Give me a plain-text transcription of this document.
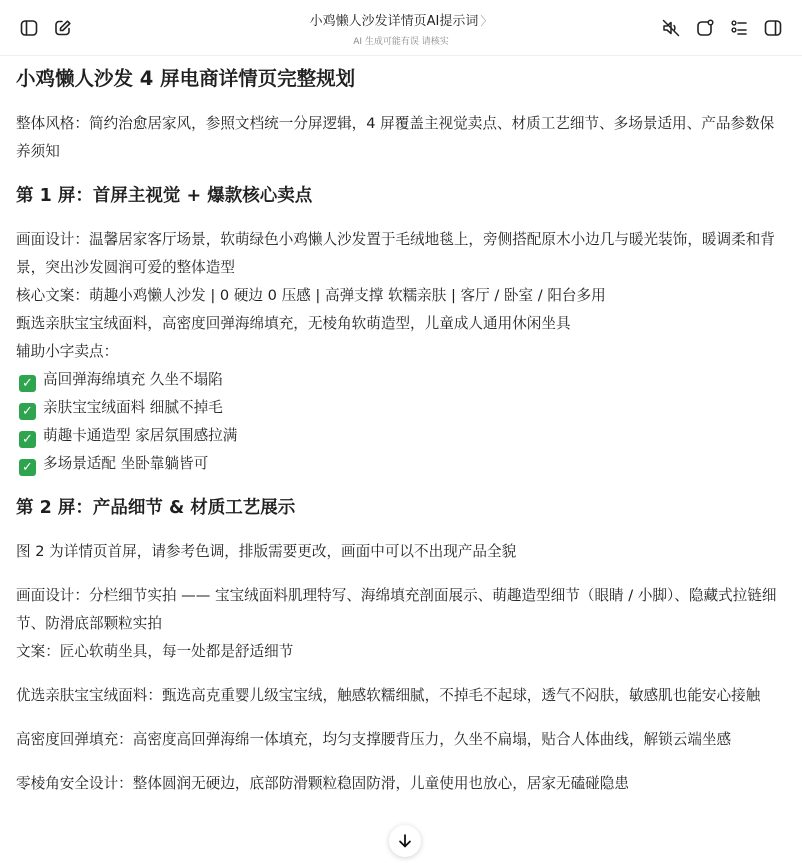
小鸡懒人沙发详情页AI提示词 〉
AI 生成可能有误 请核实
小鸡懒人沙发 4 屏电商详情页完整规划

整体风格：简约治愈居家风，参照文档统一分屏逻辑，4 屏覆盖主视觉卖点、材质工艺细节、多场景适用、产品参数保养须知

第 1 屏：首屏主视觉 + 爆款核心卖点

画面设计：温馨居家客厅场景，软萌绿色小鸡懒人沙发置于毛绒地毯上，旁侧搭配原木小边几与暖光装饰，暖调柔和背景，突出沙发圆润可爱的整体造型

核心文案：萌趣小鸡懒人沙发 | 0 硬边 0 压感 | 高弹支撑 软糯亲肤 | 客厅 / 卧室 / 阳台多用

甄选亲肤宝宝绒面料，高密度回弹海绵填充，无棱角软萌造型，儿童成人通用休闲坐具

辅助小字卖点：

✓ 高回弹海绵填充 久坐不塌陷

✓ 亲肤宝宝绒面料 细腻不掉毛

✓ 萌趣卡通造型 家居氛围感拉满

✓ 多场景适配 坐卧靠躺皆可

第 2 屏：产品细节 & 材质工艺展示

图 2 为详情页首屏，请参考色调，排版需要更改，画面中可以不出现产品全貌

画面设计：分栏细节实拍 —— 宝宝绒面料肌理特写、海绵填充剖面展示、萌趣造型细节（眼睛 / 小脚）、隐藏式拉链细节、防滑底部颗粒实拍

文案：匠心软萌坐具，每一处都是舒适细节

优选亲肤宝宝绒面料：甄选高克重婴儿级宝宝绒，触感软糯细腻，不掉毛不起球，透气不闷肤，敏感肌也能安心接触

高密度回弹填充：高密度高回弹海绵一体填充，均匀支撑腰背压力，久坐不扁塌，贴合人体曲线，解锁云端坐感

零棱角安全设计：整体圆润无硬边，底部防滑颗粒稳固防滑，儿童使用也放心，居家无磕碰隐患
